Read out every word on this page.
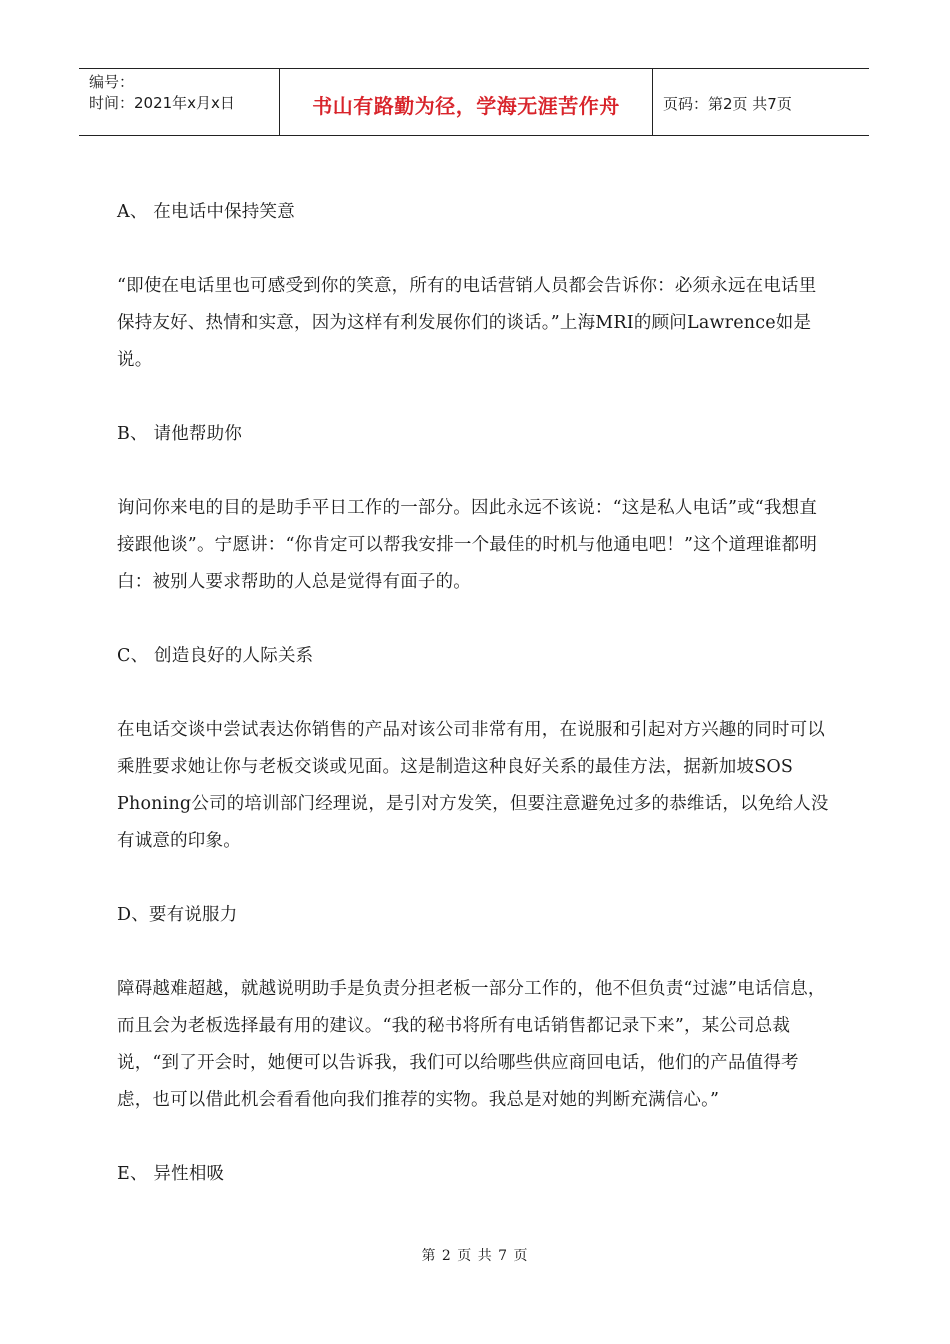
编号：
时间：2021年x月x日	书山有路勤为径，学海无涯苦作舟	页码：第2页 共7页

A、 在电话中保持笑意

“即使在电话里也可感受到你的笑意，所有的电话营销人员都会告诉你：必须永远在电话里保持友好、热情和实意，因为这样有利发展你们的谈话。”上海MRI的顾问Lawrence如是说。

B、 请他帮助你

询问你来电的目的是助手平日工作的一部分。因此永远不该说：“这是私人电话”或“我想直接跟他谈”。宁愿讲：“你肯定可以帮我安排一个最佳的时机与他通电吧！”这个道理谁都明白：被别人要求帮助的人总是觉得有面子的。

C、 创造良好的人际关系

在电话交谈中尝试表达你销售的产品对该公司非常有用，在说服和引起对方兴趣的同时可以乘胜要求她让你与老板交谈或见面。这是制造这种良好关系的最佳方法，据新加坡SOS Phoning公司的培训部门经理说，是引对方发笑，但要注意避免过多的恭维话，以免给人没有诚意的印象。

D、要有说服力

障碍越难超越，就越说明助手是负责分担老板一部分工作的，他不但负责“过滤”电话信息，而且会为老板选择最有用的建议。“我的秘书将所有电话销售都记录下来”，某公司总裁说，“到了开会时，她便可以告诉我，我们可以给哪些供应商回电话，他们的产品值得考虑，也可以借此机会看看他向我们推荐的实物。我总是对她的判断充满信心。”

E、 异性相吸

第 2 页 共 7 页
